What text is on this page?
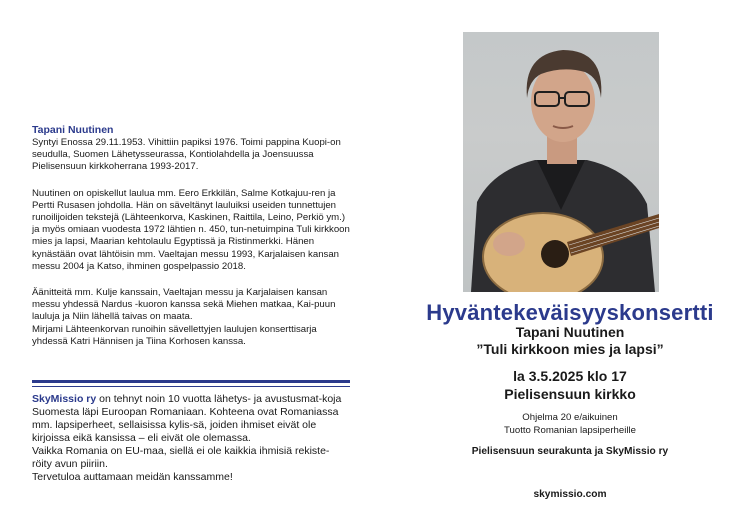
Tapani Nuutinen

Syntyi Enossa 29.11.1953. Vihittiin papiksi 1976. Toimi pappina Kuopi-on seudulla, Suomen Lähetysseurassa, Kontiolahdella ja Joensuussa Pielisensuun kirkkoherrana 1993-2017.

Nuutinen on opiskellut laulua mm. Eero Erkkilän, Salme Kotkajuu-ren ja Pertti Rusasen johdolla. Hän on säveltänyt lauluiksi useiden tunnettujen runoilijoiden tekstejä (Lähteenkorva, Kaskinen, Raittila, Leino, Perkiö ym.) ja myös omiaan vuodesta 1972 lähtien n. 450, tun-netuimpina Tuli kirkkoon mies ja lapsi, Maarian kehtolaulu Egyptissä ja Ristinmerkki. Hänen kynästään ovat lähtöisin mm. Vaeltajan messu 1993, Karjalaisen kansan messu 2004 ja Katso, ihminen gospelpassio 2018.

Äänitteitä mm. Kulje kanssain, Vaeltajan messu ja Karjalaisen kansan messu yhdessä Nardus -kuoron kanssa sekä Miehen matkaa, Kai-puun lauluja ja Niin lähellä taivas on maata.

Mirjami Lähteenkorvan runoihin sävellettyjen laulujen konserttisarja yhdessä Katri Hännisen ja Tiina Korhosen kanssa.

SkyMissio ry on tehnyt noin 10 vuotta lähetys- ja avustusmat-koja Suomesta läpi Euroopan Romaniaan. Kohteena ovat Romaniassa mm. lapsiperheet, sellaisissa kylis-sä, joiden ihmiset eivät ole kirjoissa eikä kansissa – eli eivät ole olemassa.

Vaikka Romania on EU-maa, siellä ei ole kaikkia ihmisiä rekiste-röity avun piiriin.

Tervetuloa auttamaan meidän kanssamme!

Hyväntekeväisyyskonsertti
Tapani Nuutinen
”Tuli kirkkoon mies ja lapsi”
la 3.5.2025 klo 17
Pielisensuun kirkko
Ohjelma 20 e/aikuinen
Tuotto Romanian lapsiperheille
Pielisensuun seurakunta ja SkyMissio ry
skymissio.com
